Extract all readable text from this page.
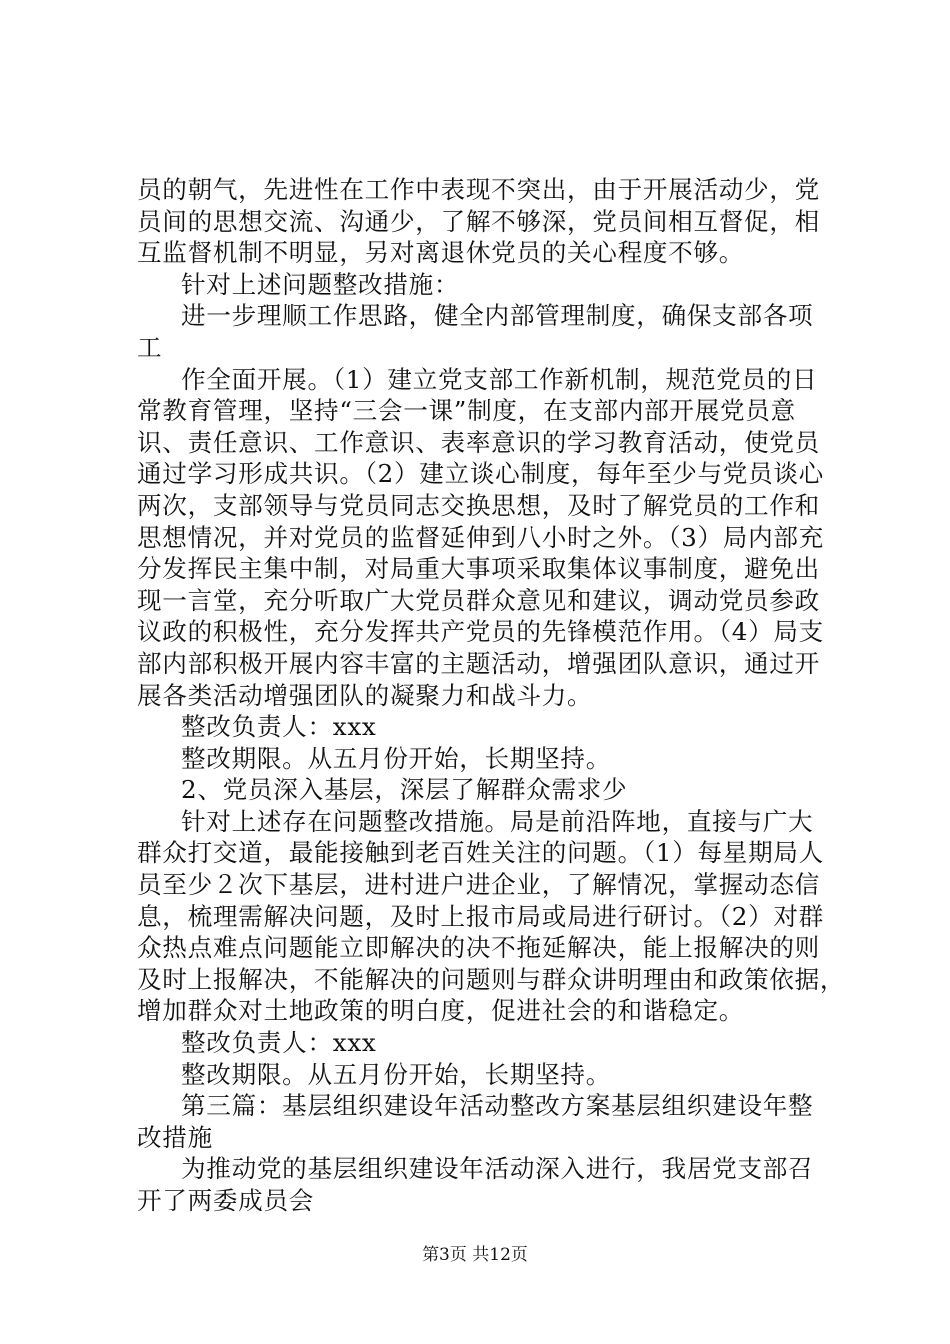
员的朝气，先进性在工作中表现不突出，由于开展活动少，党
员间的思想交流、沟通少，了解不够深，党员间相互督促，相
互监督机制不明显，另对离退休党员的关心程度不够。
针对上述问题整改措施：
进一步理顺工作思路，健全内部管理制度，确保支部各项
工
作全面开展。（1）建立党支部工作新机制，规范党员的日
常教育管理，坚持“三会一课”制度，在支部内部开展党员意
识、责任意识、工作意识、表率意识的学习教育活动，使党员
通过学习形成共识。（2）建立谈心制度，每年至少与党员谈心
两次，支部领导与党员同志交换思想，及时了解党员的工作和
思想情况，并对党员的监督延伸到八小时之外。（3）局内部充
分发挥民主集中制，对局重大事项采取集体议事制度，避免出
现一言堂，充分听取广大党员群众意见和建议，调动党员参政
议政的积极性，充分发挥共产党员的先锋模范作用。（4）局支
部内部积极开展内容丰富的主题活动，增强团队意识，通过开
展各类活动增强团队的凝聚力和战斗力。
整改负责人：xxx
整改期限。从五月份开始，长期坚持。
2、党员深入基层，深层了解群众需求少
针对上述存在问题整改措施。局是前沿阵地，直接与广大
群众打交道，最能接触到老百姓关注的问题。（1）每星期局人
员至少２次下基层，进村进户进企业，了解情况，掌握动态信
息，梳理需解决问题，及时上报市局或局进行研讨。（2）对群
众热点难点问题能立即解决的决不拖延解决，能上报解决的则
及时上报解决，不能解决的问题则与群众讲明理由和政策依据，
增加群众对土地政策的明白度，促进社会的和谐稳定。
整改负责人：xxx
整改期限。从五月份开始，长期坚持。
第三篇：基层组织建设年活动整改方案基层组织建设年整
改措施
为推动党的基层组织建设年活动深入进行，我居党支部召
开了两委成员会
第3页 共12页
